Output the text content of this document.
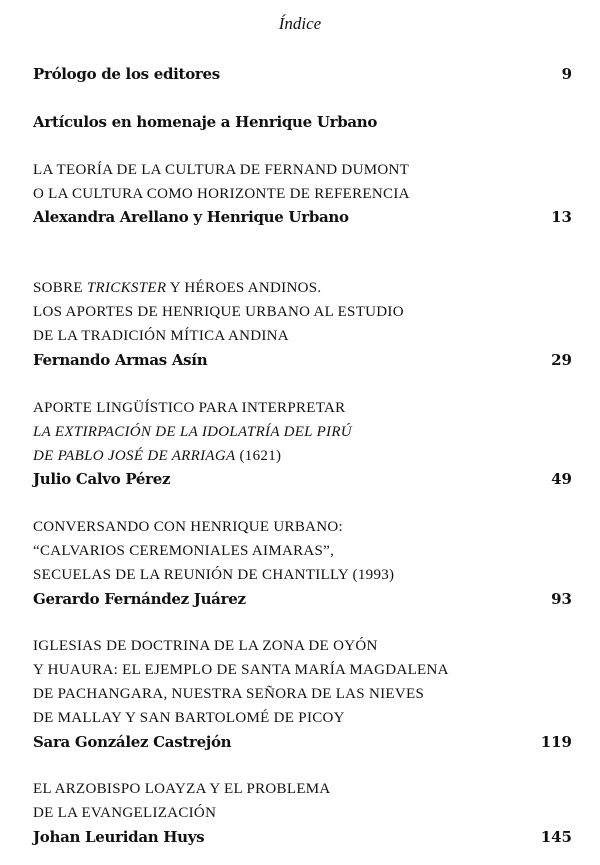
Índice
Prólogo de los editores	9
Artículos en homenaje a Henrique Urbano
LA TEORÍA DE LA CULTURA DE FERNAND DUMONT
O LA CULTURA COMO HORIZONTE DE REFERENCIA
Alexandra Arellano y Henrique Urbano	13
SOBRE TRICKSTER Y HÉROES ANDINOS.
LOS APORTES DE HENRIQUE URBANO AL ESTUDIO
DE LA TRADICIÓN MÍTICA ANDINA
Fernando Armas Asín	29
APORTE LINGÜÍSTICO PARA INTERPRETAR
LA EXTIRPACIÓN DE LA IDOLATRÍA DEL PIRÚ
DE PABLO JOSÉ DE ARRIAGA (1621)
Julio Calvo Pérez	49
CONVERSANDO CON HENRIQUE URBANO:
“CALVARIOS CEREMONIALES AIMARAS”,
SECUELAS DE LA REUNIÓN DE CHANTILLY (1993)
Gerardo Fernández Juárez	93
IGLESIAS DE DOCTRINA DE LA ZONA DE OYÓN
Y HUAURA: EL EJEMPLO DE SANTA MARÍA MAGDALENA
DE PACHANGARA, NUESTRA SEÑORA DE LAS NIEVES
DE MALLAY Y SAN BARTOLOMÉ DE PICOY
Sara González Castrejón	119
EL ARZOBISPO LOAYZA Y EL PROBLEMA
DE LA EVANGELIZACIÓN
Johan Leuridan Huys	145
